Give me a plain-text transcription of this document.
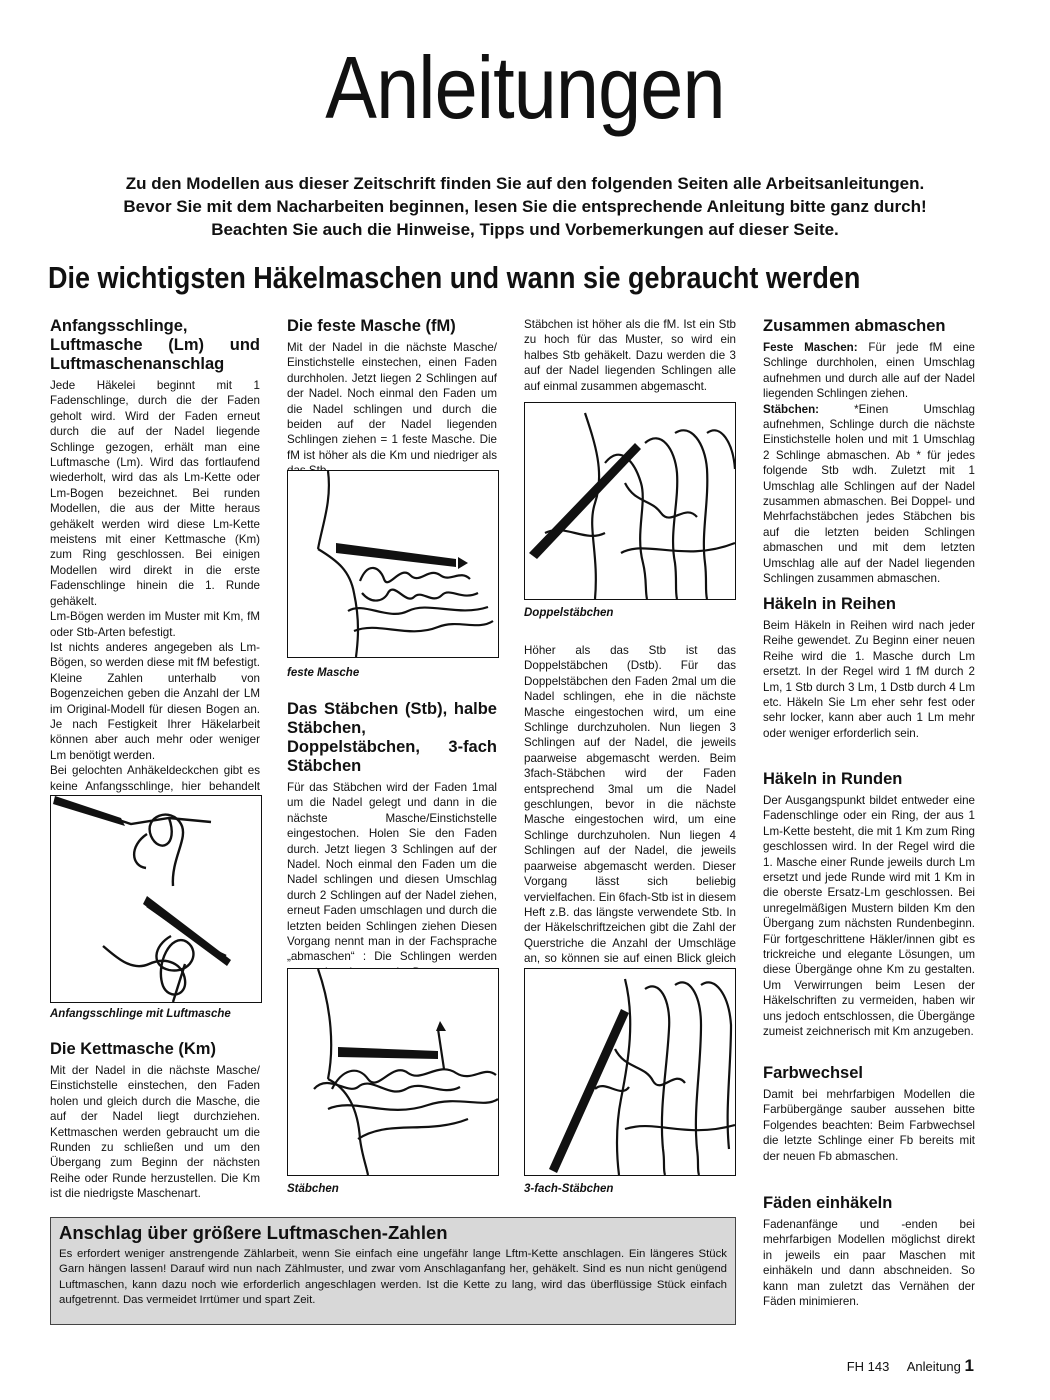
Anleitungen
Zu den Modellen aus dieser Zeitschrift finden Sie auf den folgenden Seiten alle Arbeitsanleitungen.
Bevor Sie mit dem Nacharbeiten beginnen, lesen Sie die entsprechende Anleitung bitte ganz durch!
Beachten Sie auch die Hinweise, Tipps und Vorbemerkungen auf dieser Seite.
Die wichtigsten Häkelmaschen und wann sie gebraucht werden
Anfangsschlinge, Luftmasche (Lm) und Luftmaschenanschlag

Jede Häkelei beginnt mit 1 Fadenschlinge, durch die der Faden geholt wird. Wird der Faden erneut durch die auf der Nadel liegende Schlinge gezogen, erhält man eine Luftmasche (Lm). Wird das fortlaufend wiederholt, wird das als Lm-Kette oder Lm-Bogen bezeichnet. Bei runden Modellen, die aus der Mitte heraus gehäkelt werden wird diese Lm-Kette meistens mit einer Kettmasche (Km) zum Ring geschlossen. Bei einigen Modellen wird direkt in die erste Fadenschlinge hinein die 1. Runde gehäkelt.

Lm-Bögen werden im Muster mit Km, fM oder Stb-Arten befestigt.

Ist nichts anderes angegeben als Lm-Bögen, so werden diese mit fM befestigt. Kleine Zahlen unterhalb von Bogenzeichen geben die Anzahl der LM im Original-Modell für diesen Bogen an. Je nach Festigkeit Ihrer Häkelarbeit können aber auch mehr oder weniger Lm benötigt werden.

Bei gelochten Anhäkeldeckchen gibt es keine Anfangsschlinge, hier behandelt

Anfangsschlinge mit Luftmasche
Die Kettmasche (Km)

Mit der Nadel in die nächste Masche/ Einstichstelle einstechen, den Faden holen und gleich durch die Masche, die auf der Nadel liegt durchziehen. Kettmaschen werden gebraucht um die Runden zu schließen und um den Übergang zum Beginn der nächsten Reihe oder Runde herzustellen. Die Km ist die niedrigste Maschenart.

Die feste Masche (fM)

Mit der Nadel in die nächste Masche/ Einstichstelle einstechen, einen Faden durchholen. Jetzt liegen 2 Schlingen auf der Nadel. Noch einmal den Faden um die Nadel schlingen und durch die beiden auf der Nadel liegenden Schlingen ziehen = 1 feste Masche. Die fM ist höher als die Km und niedriger als

feste Masche
Das Stäbchen (Stb), halbe Stäbchen, Doppelstäbchen, 3-fach Stäbchen

Für das Stäbchen wird der Faden 1mal um die Nadel gelegt und dann in die nächste Masche/Einstichstelle eingestochen. Holen Sie den Faden durch. Jetzt liegen 3 Schlingen auf der Nadel. Noch einmal den Faden um die Nadel schlingen und diesen Umschlag durch 2 Schlingen auf der Nadel ziehen, erneut Faden umschlagen und durch die letzten beiden Schlingen ziehen Diesen Vorgang nennt man in der Fachsprache „abmaschen“ : Die Schlingen werden

Stäbchen

Stäbchen ist höher als die fM. Ist ein Stb zu hoch für das Muster, so wird ein halbes Stb gehäkelt. Dazu werden die 3 auf der Nadel liegenden Schlingen alle auf einmal zusammen abgemascht.

Doppelstäbchen

Höher als das Stb ist das Doppelstäbchen (Dstb). Für das Doppelstäbchen den Faden 2mal um die Nadel schlingen, ehe in die nächste Masche eingestochen wird, um eine Schlinge durchzuholen. Nun liegen 3 Schlingen auf der Nadel, die jeweils paarweise abgemascht werden. Beim 3fach-Stäbchen wird der Faden entsprechend 3mal um die Nadel geschlungen, bevor in die nächste Masche eingestochen wird, um eine Schlinge durchzuholen. Nun liegen 4 Schlingen auf der Nadel, die jeweils paarweise abgemascht werden. Dieser Vorgang lässt sich beliebig vervielfachen. Ein 6fach-Stb ist in diesem Heft z.B. das längste verwendete Stb. In der Häkelschriftzeichen gibt die Zahl der Querstriche die Anzahl der Umschläge an, so können sie auf einen Blick gleich

3-fach-Stäbchen
Zusammen abmaschen

Feste Maschen: Für jede fM eine Schlinge durchholen, einen Umschlag aufnehmen und durch alle auf der Nadel liegenden Schlingen ziehen.

Stäbchen:	*Einen Umschlag aufnehmen, Schlinge durch die nächste Einstichstelle holen und mit 1 Umschlag 2 Schlinge abmaschen. Ab * für jedes folgende Stb wdh. Zuletzt mit 1 Umschlag alle Schlingen auf der Nadel zusammen abmaschen. Bei Doppel- und Mehrfachstäbchen jedes Stäbchen bis auf die letzten beiden Schlingen abmaschen und mit dem letzten Umschlag alle auf der Nadel liegenden Schlingen zusammen abmaschen.

Häkeln in Reihen

Beim Häkeln in Reihen wird nach jeder Reihe gewendet. Zu Beginn einer neuen Reihe wird die 1. Masche durch Lm ersetzt. In der Regel wird 1 fM durch 2 Lm, 1 Stb durch 3 Lm, 1 Dstb durch 4 Lm etc. Häkeln Sie Lm eher sehr fest oder sehr locker, kann aber auch 1 Lm mehr oder weniger erforderlich sein.

Häkeln in Runden

Der Ausgangspunkt bildet entweder eine Fadenschlinge oder ein Ring, der aus 1 Lm-Kette besteht, die mit 1 Km zum Ring geschlossen wird. In der Regel wird die 1. Masche einer Runde jeweils durch Lm ersetzt und jede Runde wird mit 1 Km in die oberste Ersatz-Lm geschlossen. Bei unregelmäßigen Mustern bilden Km den Übergang zum nächsten Rundenbeginn. Für fortgeschrittene Häkler/innen gibt es trickreiche und elegante Lösungen, um diese Übergänge ohne Km zu gestalten. Um Verwirrungen beim Lesen der Häkelschriften zu vermeiden, haben wir uns jedoch entschlossen, die Übergänge zumeist zeichnerisch mit Km anzugeben.

Farbwechsel

Damit bei mehrfarbigen Modellen die Farbübergänge sauber aussehen bitte Folgendes beachten: Beim Farbwechsel die letzte Schlinge einer Fb bereits mit der neuen Fb abmaschen.

Fäden einhäkeln

Fadenanfänge und -enden bei mehrfarbigen Modellen möglichst direkt in jeweils ein paar Maschen mit einhäkeln und dann abschneiden. So kann man zuletzt das Vernähen der Fäden minimieren.

Anschlag über größere Luftmaschen-Zahlen

Es erfordert weniger anstrengende Zählarbeit, wenn Sie einfach eine ungefähr lange Lftm-Kette anschlagen. Ein längeres Stück Garn hängen lassen! Darauf wird nun nach Zählmuster, und zwar vom Anschlaganfang her, gehäkelt. Sind es nun nicht genügend Luftmaschen, kann dazu noch wie erforderlich angeschlagen werden. Ist die Kette zu lang, wird das überflüssige Stück einfach aufgetrennt. Das vermeidet Irrtümer und spart Zeit.

FH 143 Anleitung 1
